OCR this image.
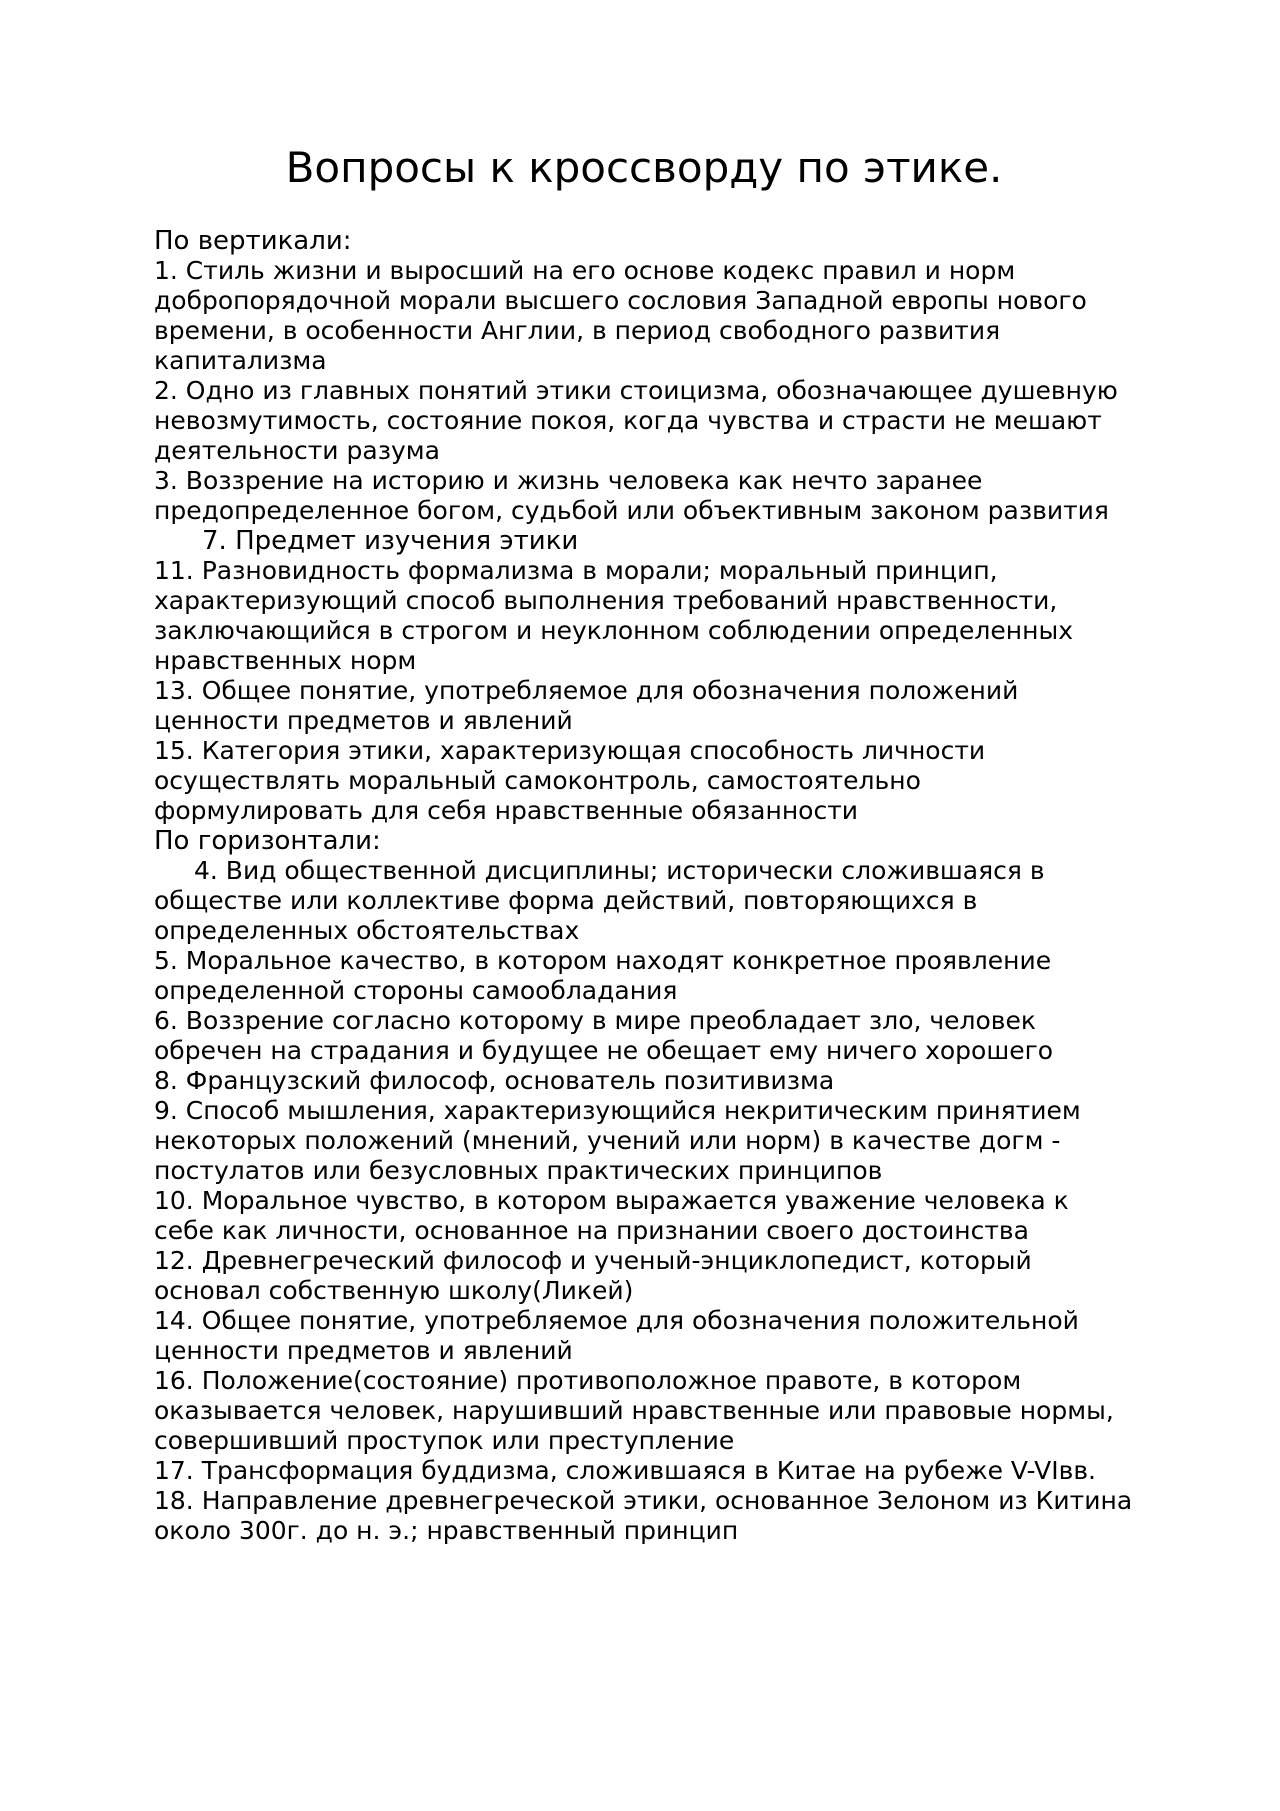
Вопросы к кроссворду по этике.

По вертикали:

1. Стиль жизни и выросший на его основе кодекс правил и норм добропорядочной морали высшего сословия Западной европы нового времени, в особенности Англии, в период свободного развития капитализма

2. Одно из главных понятий этики стоицизма, обозначающее душевную невозмутимость, состояние покоя, когда чувства и страсти не мешают деятельности разума

3. Воззрение на историю и жизнь человека как нечто заранее предопределенное богом, судьбой или объективным законом развития

7. Предмет изучения этики

11. Разновидность формализма в морали; моральный принцип, характеризующий способ выполнения требований нравственности, заключающийся в строгом и неуклонном соблюдении определенных нравственных норм

13. Общее понятие, употребляемое для обозначения положений ценности предметов и явлений

15. Категория этики, характеризующая способность личности осуществлять моральный самоконтроль, самостоятельно формулировать для себя нравственные обязанности

По горизонтали:

4. Вид общественной дисциплины; исторически сложившаяся в обществе или коллективе форма действий, повторяющихся в определенных обстоятельствах

5. Моральное качество, в котором находят конкретное проявление определенной стороны самообладания

6. Воззрение согласно которому в мире преобладает зло, человек обречен на страдания и будущее не обещает ему ничего хорошего

8. Французский философ, основатель позитивизма

9. Способ мышления, характеризующийся некритическим принятием некоторых положений (мнений, учений или норм) в качестве догм - постулатов или безусловных практических принципов

10. Моральное чувство, в котором выражается уважение человека к себе как личности, основанное на признании своего достоинства

12. Древнегреческий философ и ученый-энциклопедист, который основал собственную школу(Ликей)

14. Общее понятие, употребляемое для обозначения положительной ценности предметов и явлений

16. Положение(состояние) противоположное правоте, в котором оказывается человек, нарушивший нравственные или правовые нормы, совершивший проступок или преступление

17. Трансформация буддизма, сложившаяся в Китае на рубеже V-VIвв.

18. Направление древнегреческой этики, основанное Зелоном из Китина около 300г. до н. э.; нравственный принцип
